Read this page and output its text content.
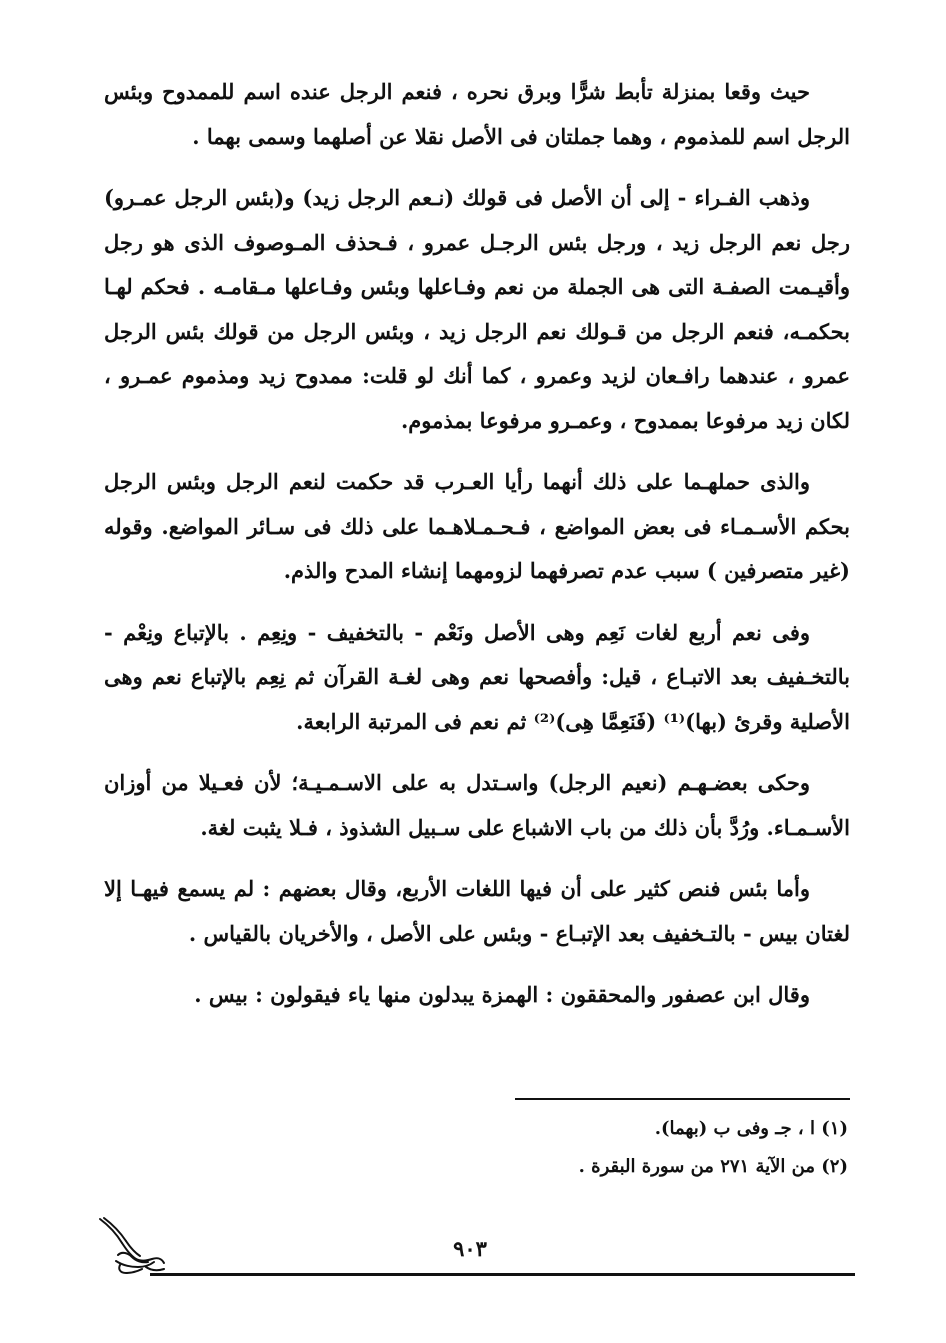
حيث وقعا بمنزلة تأبط شرًّا وبرق نحره ، فنعم الرجل عنده اسم للممدوح وبئس الرجل اسم للمذموم ، وهما جملتان فى الأصل نقلا عن أصلهما وسمى بهما .

وذهب الفـراء - إلى أن الأصل فى قولك (نـعم الرجل زيد) و(بئس الرجل عمـرو) رجل نعم الرجل زيد ، ورجل بئس الرجـل عمرو ، فـحذف المـوصوف الذى هو رجل وأقيـمت الصفـة التى هى الجملة من نعم وفـاعلها وبئس وفـاعلها مـقامـه . فحكم لهـا بحكمـه، فنعم الرجل من قـولك نعم الرجل زيد ، وبئس الرجل من قولك بئس الرجل عمرو ، عندهما رافـعان لزيد وعمرو ، كما أنك لو قلت: ممدوح زيد ومذموم عمـرو ، لكان زيد مرفوعا بممدوح ، وعمـرو مرفوعا بمذموم.

والذى حملهـما على ذلك أنهما رأيا العـرب قد حكمت لنعم الرجل وبئس الرجل بحكم الأسـمـاء فى بعض المواضع ، فـحـمـلاهـما على ذلك فى سـائر المواضع. وقوله (غير متصرفين ) سبب عدم تصرفهما لزومهما إنشاء المدح والذم.

وفى نعم أربع لغات نَعِم وهى الأصل ونَعْم - بالتخفيف - ونِعِم . بالإتباع ونِعْم - بالتخـفيف بعد الاتبـاع ، قيل: وأفصحها نعم وهى لغـة القرآن ثم نِعِم بالإتباع نعم وهى الأصلية وقرئ (بها)⁽¹⁾ (فَنَعِمَّا هِى)⁽²⁾ ثم نعم فى المرتبة الرابعة.

وحكى بعضـهـم (نعيم الرجل) واسـتدل به على الاسـمـيـة؛ لأن فعـيلا من أوزان الأسـمـاء. ورُدَّ بأن ذلك من باب الاشباع على سـبيل الشذوذ ، فـلا يثبت لغة.

وأما بئس فنص كثير على أن فيها اللغات الأربع، وقال بعضهم : لم يسمع فيهـا إلا لغتان بيس - بالتـخفيف بعد الإتبـاع - وبئس على الأصل ، والأخريان بالقياس .

وقال ابن عصفور والمحققون : الهمزة يبدلون منها ياء فيقولون : بيس .

(١) ا ، جـ وفى ب (بهما).

(٢) من الآية ٢٧١ من سورة البقرة .

٩٠٣
